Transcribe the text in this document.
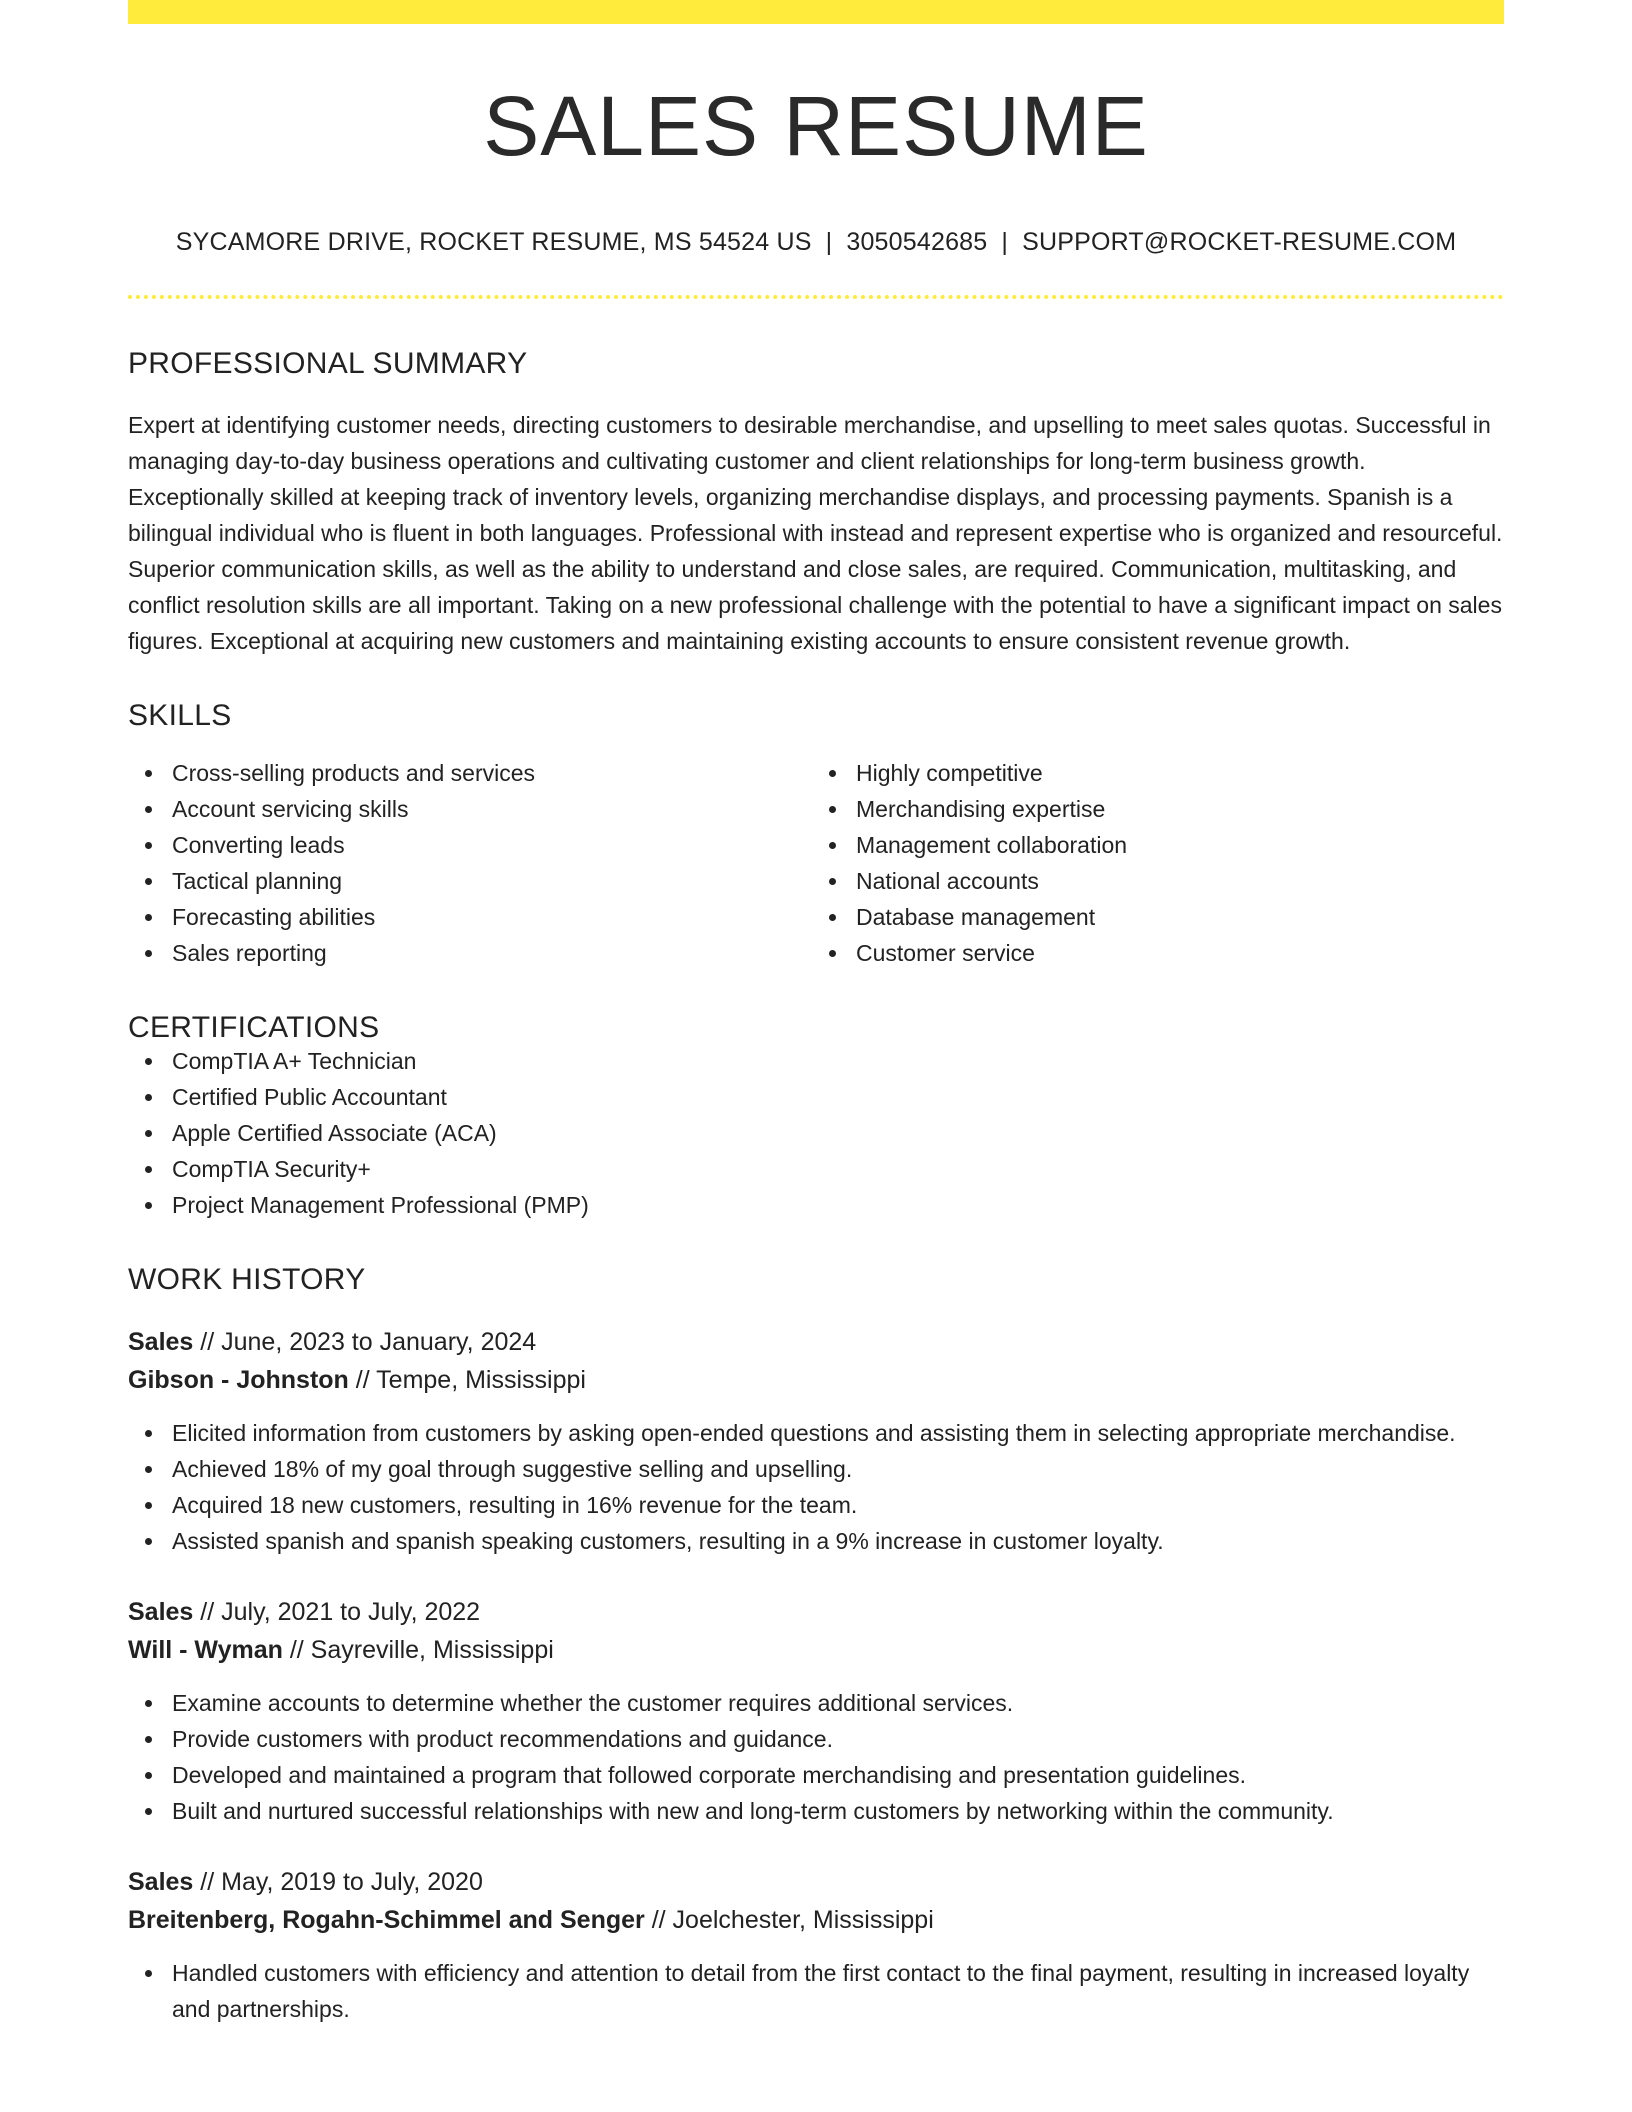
SALES RESUME
SYCAMORE DRIVE, ROCKET RESUME, MS 54524 US | 3050542685 | SUPPORT@ROCKET-RESUME.COM
PROFESSIONAL SUMMARY
Expert at identifying customer needs, directing customers to desirable merchandise, and upselling to meet sales quotas. Successful in managing day-to-day business operations and cultivating customer and client relationships for long-term business growth. Exceptionally skilled at keeping track of inventory levels, organizing merchandise displays, and processing payments. Spanish is a bilingual individual who is fluent in both languages. Professional with instead and represent expertise who is organized and resourceful. Superior communication skills, as well as the ability to understand and close sales, are required. Communication, multitasking, and conflict resolution skills are all important. Taking on a new professional challenge with the potential to have a significant impact on sales figures. Exceptional at acquiring new customers and maintaining existing accounts to ensure consistent revenue growth.
SKILLS
Cross-selling products and services
Account servicing skills
Converting leads
Tactical planning
Forecasting abilities
Sales reporting
Highly competitive
Merchandising expertise
Management collaboration
National accounts
Database management
Customer service
CERTIFICATIONS
CompTIA A+ Technician
Certified Public Accountant
Apple Certified Associate (ACA)
CompTIA Security+
Project Management Professional (PMP)
WORK HISTORY
Sales // June, 2023 to January, 2024
Gibson - Johnston // Tempe, Mississippi
Elicited information from customers by asking open-ended questions and assisting them in selecting appropriate merchandise.
Achieved 18% of my goal through suggestive selling and upselling.
Acquired 18 new customers, resulting in 16% revenue for the team.
Assisted spanish and spanish speaking customers, resulting in a 9% increase in customer loyalty.
Sales // July, 2021 to July, 2022
Will - Wyman // Sayreville, Mississippi
Examine accounts to determine whether the customer requires additional services.
Provide customers with product recommendations and guidance.
Developed and maintained a program that followed corporate merchandising and presentation guidelines.
Built and nurtured successful relationships with new and long-term customers by networking within the community.
Sales // May, 2019 to July, 2020
Breitenberg, Rogahn-Schimmel and Senger // Joelchester, Mississippi
Handled customers with efficiency and attention to detail from the first contact to the final payment, resulting in increased loyalty and partnerships.
